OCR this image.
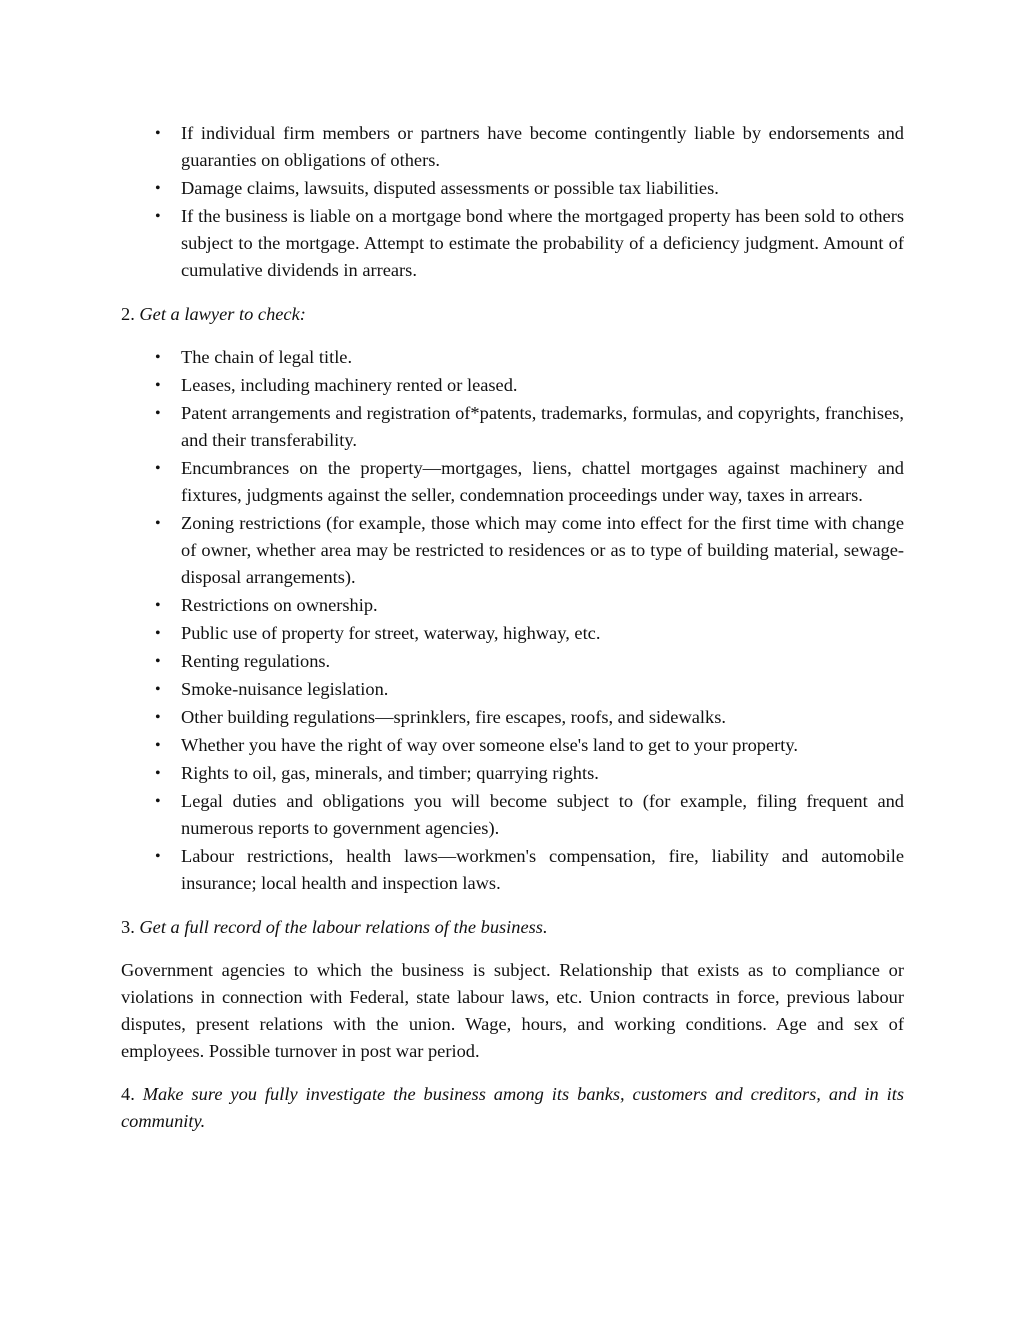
• If individual firm members or partners have become contingently liable by endorsements and guaranties on obligations of others.
• Damage claims, lawsuits, disputed assessments or possible tax liabilities.
• If the business is liable on a mortgage bond where the mortgaged property has been sold to others subject to the mortgage. Attempt to estimate the probability of a deficiency judgment. Amount of cumulative dividends in arrears.

2. Get a lawyer to check:

• The chain of legal title.
• Leases, including machinery rented or leased.
• Patent arrangements and registration of*patents, trademarks, formulas, and copyrights, franchises, and their transferability.
• Encumbrances on the property—mortgages, liens, chattel mortgages against machinery and fixtures, judgments against the seller, condemnation proceedings under way, taxes in arrears.
• Zoning restrictions (for example, those which may come into effect for the first time with change of owner, whether area may be restricted to residences or as to type of building material, sewage-disposal arrangements).
• Restrictions on ownership.
• Public use of property for street, waterway, highway, etc.
• Renting regulations.
• Smoke-nuisance legislation.
• Other building regulations—sprinklers, fire escapes, roofs, and sidewalks.
• Whether you have the right of way over someone else's land to get to your property.
• Rights to oil, gas, minerals, and timber; quarrying rights.
• Legal duties and obligations you will become subject to (for example, filing frequent and numerous reports to government agencies).
• Labour restrictions, health laws—workmen's compensation, fire, liability and automobile insurance; local health and inspection laws.

3. Get a full record of the labour relations of the business.

Government agencies to which the business is subject. Relationship that exists as to compliance or violations in connection with Federal, state labour laws, etc. Union contracts in force, previous labour disputes, present relations with the union. Wage, hours, and working conditions. Age and sex of employees. Possible turnover in post war period.

4. Make sure you fully investigate the business among its banks, customers and creditors, and in its community.
